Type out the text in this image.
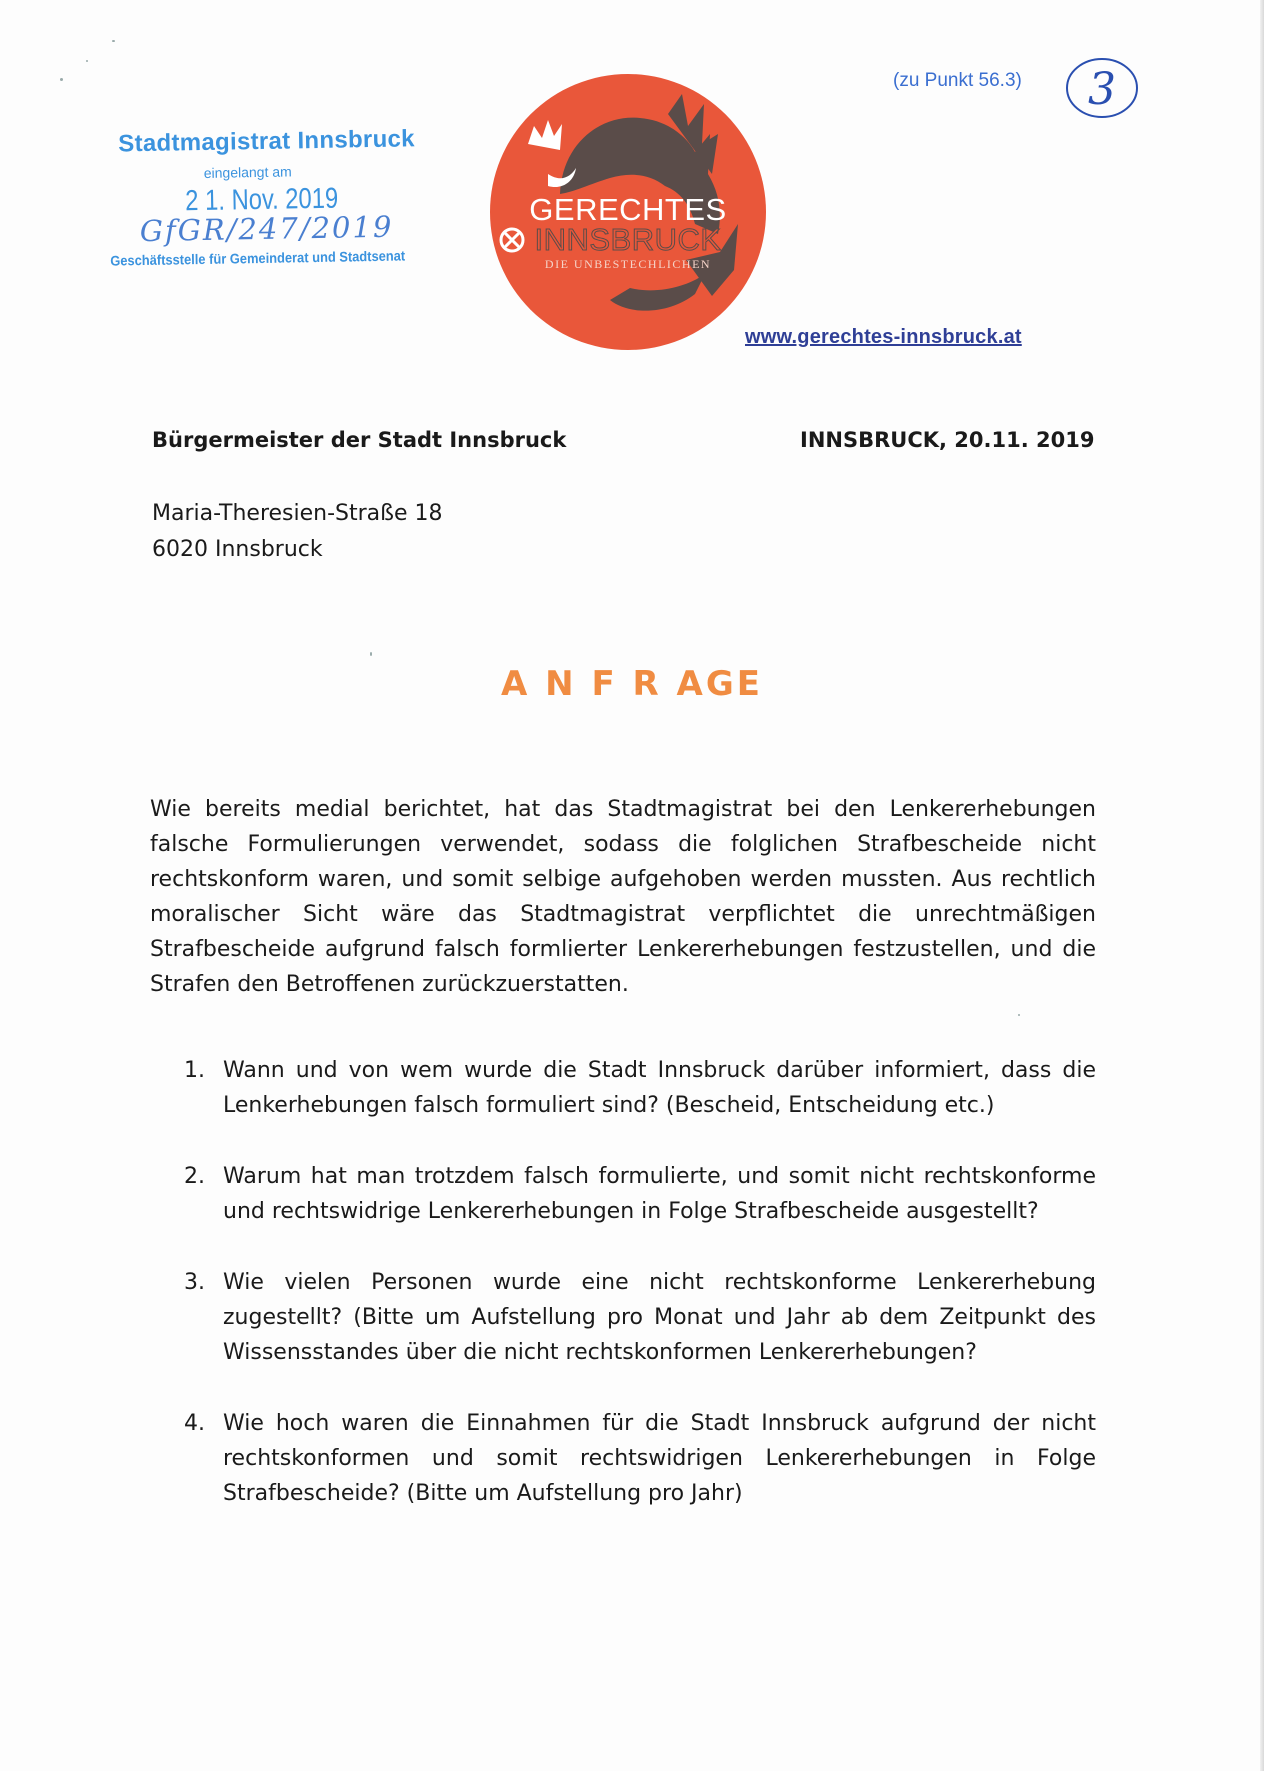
Stadtmagistrat Innsbruck
eingelangt am
2 1. Nov. 2019
GfGR/247/2019
Geschäftsstelle für Gemeinderat und Stadtsenat
GERECHTES
INNSBRUCK
DIE UNBESTECHLICHEN
(zu Punkt 56.3) 3
www.gerechtes-innsbruck.at
Bürgermeister der Stadt Innsbruck	INNSBRUCK, 20.11. 2019
Maria-Theresien-Straße 18
6020 Innsbruck
A N F R AGE

Wie bereits medial berichtet, hat das Stadtmagistrat bei den Lenkererhebungen falsche Formulierungen verwendet, sodass die folglichen Strafbescheide nicht rechtskonform waren, und somit selbige aufgehoben werden mussten. Aus rechtlich moralischer Sicht wäre das Stadtmagistrat verpflichtet die unrechtmäßigen Strafbescheide aufgrund falsch formlierter Lenkererhebungen festzustellen, und die Strafen den Betroffenen zurückzuerstatten.

1. Wann und von wem wurde die Stadt Innsbruck darüber informiert, dass die Lenkerhebungen falsch formuliert sind? (Bescheid, Entscheidung etc.)
2. Warum hat man trotzdem falsch formulierte, und somit nicht rechtskonforme und rechtswidrige Lenkererhebungen in Folge Strafbescheide ausgestellt?
3. Wie vielen Personen wurde eine nicht rechtskonforme Lenkererhebung zugestellt? (Bitte um Aufstellung pro Monat und Jahr ab dem Zeitpunkt des Wissensstandes über die nicht rechtskonformen Lenkererhebungen?
4. Wie hoch waren die Einnahmen für die Stadt Innsbruck aufgrund der nicht rechtskonformen und somit rechtswidrigen Lenkererhebungen in Folge Strafbescheide? (Bitte um Aufstellung pro Jahr)
